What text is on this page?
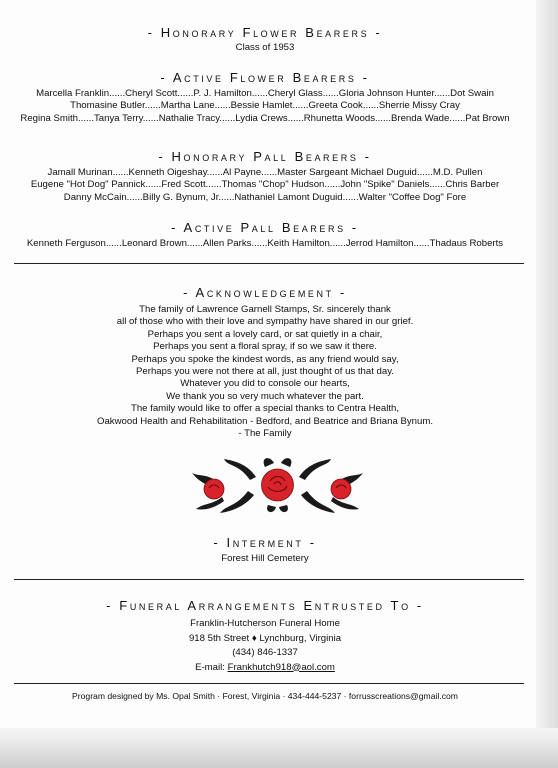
- Honorary Flower Bearers -
Class of 1953
- Active Flower Bearers -
Marcella Franklin......Cheryl Scott......P. J. Hamilton......Cheryl Glass......Gloria Johnson Hunter......Dot Swain
Thomasine Butler......Martha Lane......Bessie Hamlet......Greeta Cook......Sherrie Missy Cray
Regina Smith......Tanya Terry......Nathalie Tracy......Lydia Crews......Rhunetta Woods......Brenda Wade......Pat Brown
- Honorary Pall Bearers -
Jamall Murinan......Kenneth Oigeshay......Al Payne......Master Sargeant Michael Duguid......M.D. Pullen
Eugene "Hot Dog" Pannick......Fred Scott......Thomas "Chop" Hudson......John "Spike" Daniels......Chris Barber
Danny McCain......Billy G. Bynum, Jr......Nathaniel Lamont Duguid......Walter "Coffee Dog" Fore
- Active Pall Bearers -
Kenneth Ferguson......Leonard Brown......Allen Parks......Keith Hamilton......Jerrod Hamilton......Thadaus Roberts
- Acknowledgement -

The family of Lawrence Garnell Stamps, Sr. sincerely thank

all of those who with their love and sympathy have shared in our grief.

Perhaps you sent a lovely card, or sat quietly in a chair,

Perhaps you sent a floral spray, if so we saw it there.

Perhaps you spoke the kindest words, as any friend would say,

Perhaps you were not there at all, just thought of us that day.

Whatever you did to console our hearts,

We thank you so very much whatever the part.

The family would like to offer a special thanks to Centra Health,

Oakwood Health and Rehabilitation - Bedford, and Beatrice and Briana Bynum.

- The Family

- Interment -
Forest Hill Cemetery
- Funeral Arrangements Entrusted To -
Franklin-Hutcherson Funeral Home
918 5th Street ♦ Lynchburg, Virginia
(434) 846-1337
E-mail: Frankhutch918@aol.com
Program designed by Ms. Opal Smith · Forest, Virginia · 434-444-5237 · forrusscreations@gmail.com
